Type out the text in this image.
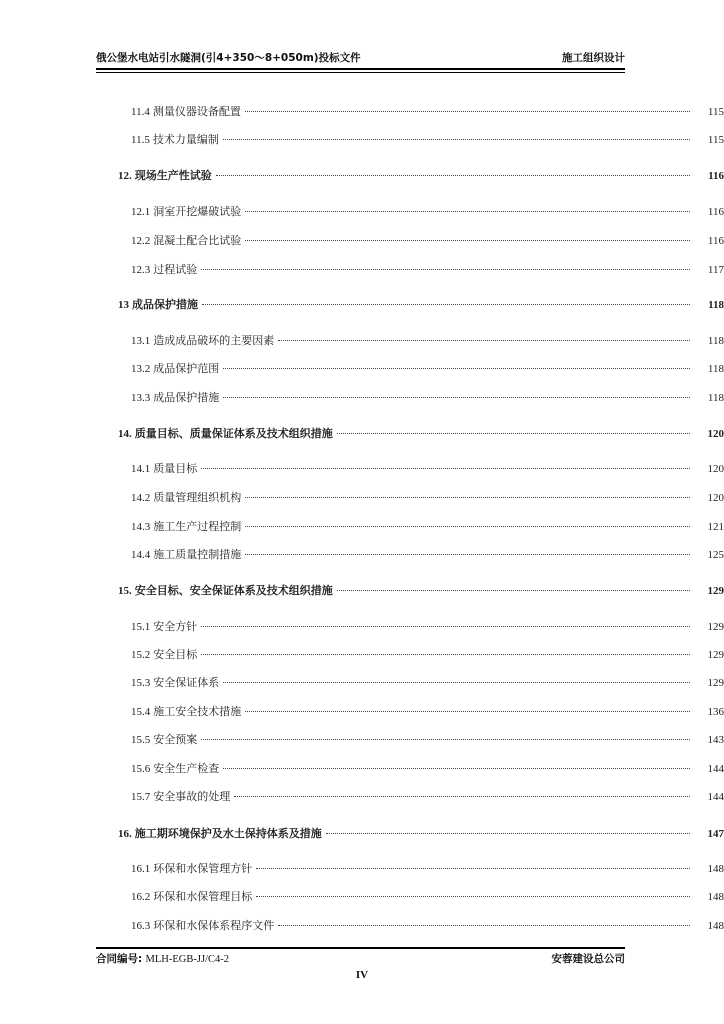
俄公堡水电站引水隧洞(引4+350～8+050m)投标文件	施工组织设计
11.4 测量仪器设备配置	115
11.5 技术力量编制	115
12. 现场生产性试验	116
12.1 洞室开挖爆破试验	116
12.2 混凝土配合比试验	116
12.3 过程试验	117
13 成品保护措施	118
13.1 造成成品破坏的主要因素	118
13.2 成品保护范围	118
13.3 成品保护措施	118
14. 质量目标、质量保证体系及技术组织措施	120
14.1 质量目标	120
14.2 质量管理组织机构	120
14.3 施工生产过程控制	121
14.4 施工质量控制措施	125
15. 安全目标、安全保证体系及技术组织措施	129
15.1 安全方针	129
15.2 安全目标	129
15.3 安全保证体系	129
15.4 施工安全技术措施	136
15.5 安全预案	143
15.6 安全生产检查	144
15.7 安全事故的处理	144
16. 施工期环境保护及水土保持体系及措施	147
16.1 环保和水保管理方针	148
16.2 环保和水保管理目标	148
16.3 环保和水保体系程序文件	148
合同编号: MLH-EGB-JJ/C4-2	安蓉建设总公司
IV
